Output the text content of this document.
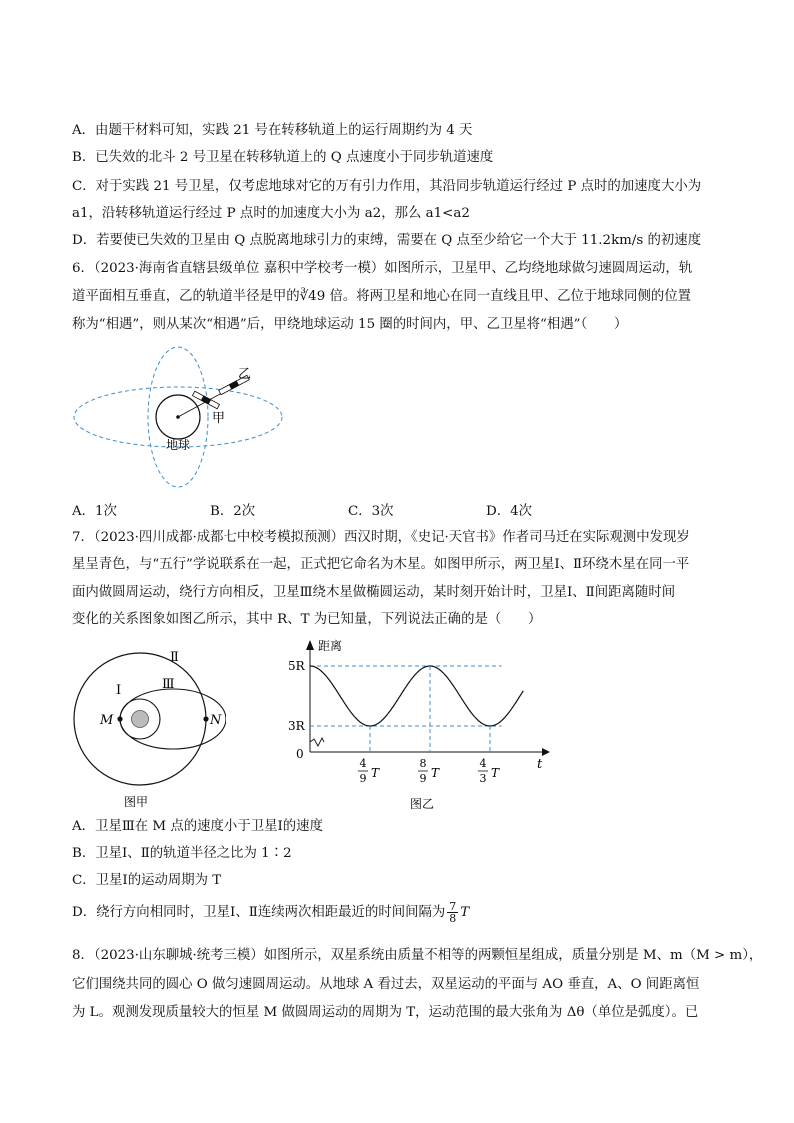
A．由题干材料可知，实践 21 号在转移轨道上的运行周期约为 4 天
B．已失效的北斗 2 号卫星在转移轨道上的 Q 点速度小于同步轨道速度
C．对于实践 21 号卫星，仅考虑地球对它的万有引力作用，其沿同步轨道运行经过 P 点时的加速度大小为
a1，沿转移轨道运行经过 P 点时的加速度大小为 a2，那么 a1<a2
D．若要使已失效的卫星由 Q 点脱离地球引力的束缚，需要在 Q 点至少给它一个大于 11.2km/s 的初速度
6．（2023·海南省直辖县级单位 嘉积中学校考一模）如图所示，卫星甲、乙均绕地球做匀速圆周运动，轨
道平面相互垂直，乙的轨道半径是甲的∛49 倍。将两卫星和地心在同一直线且甲、乙位于地球同侧的位置
称为“相遇”，则从某次“相遇”后，甲绕地球运动 15 圈的时间内，甲、乙卫星将“相遇”（　　）
乙
甲
地球
A．1次	B．2次	C．3次	D．4次
7．（2023·四川成都·成都七中校考模拟预测）西汉时期，《史记·天官书》作者司马迁在实际观测中发现岁
星呈青色，与“五行”学说联系在一起，正式把它命名为木星。如图甲所示，两卫星Ⅰ、Ⅱ环绕木星在同一平
面内做圆周运动，绕行方向相反，卫星Ⅲ绕木星做椭圆运动，某时刻开始计时，卫星Ⅰ、Ⅱ间距离随时间
变化的关系图象如图乙所示，其中 R、T 为已知量，下列说法正确的是（　　）
Ⅱ
Ⅰ	Ⅲ
M	N
图甲
距离
t
5R
3R
0
图乙
4
9 T
8
9 T
4
3 T
A．卫星Ⅲ在 M 点的速度小于卫星Ⅰ的速度
B．卫星Ⅰ、Ⅱ的轨道半径之比为 1∶2
C．卫星Ⅰ的运动周期为 T
D．绕行方向相同时，卫星Ⅰ、Ⅱ连续两次相距最近的时间间隔为 $\frac{7}{8}$ T
8．（2023·山东聊城·统考三模）如图所示，双星系统由质量不相等的两颗恒星组成，质量分别是 M、m（M > m），
它们围绕共同的圆心 O 做匀速圆周运动。从地球 A 看过去，双星运动的平面与 AO 垂直，A、O 间距离恒
为 L。观测发现质量较大的恒星 M 做圆周运动的周期为 T，运动范围的最大张角为 Δθ（单位是弧度）。已
